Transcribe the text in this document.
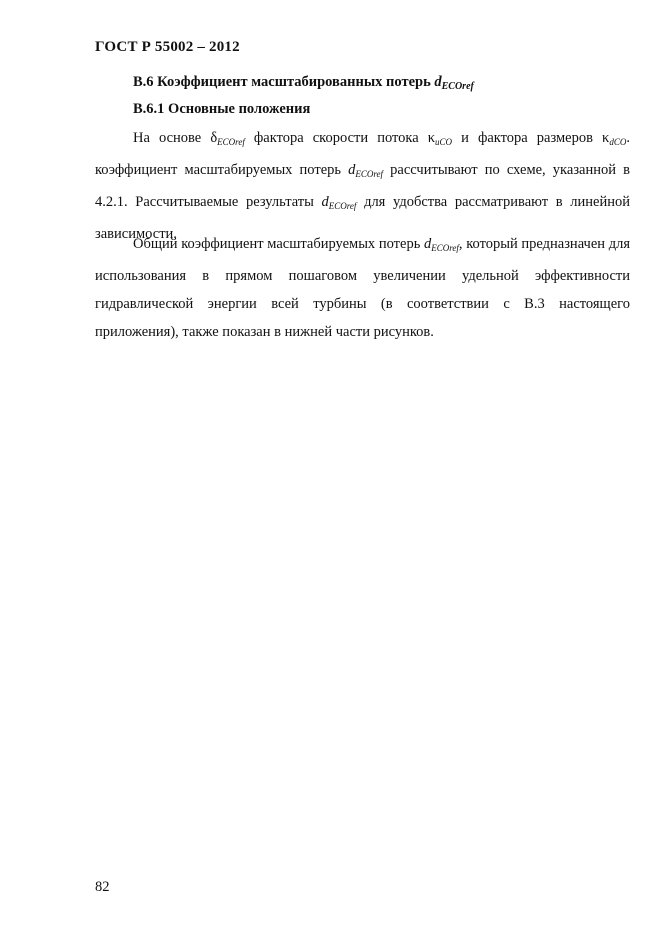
ГОСТ Р 55002 – 2012
B.6 Коэффициент масштабированных потерь $d_{ECOref}$
B.6.1 Основные положения

На основе $\delta_{ECOref}$ фактора скорости потока $\kappa_{uCO}$ и фактора размеров $\kappa_{dCO}$. коэффициент масштабируемых потерь $d_{ECOref}$ рассчитывают по схеме, указанной в 4.2.1. Рассчитываемые результаты $d_{ECOref}$ для удобства рассматривают в линейной зависимости.

Общий коэффициент масштабируемых потерь $d_{ECOref}$, который предназначен для использования в прямом пошаговом увеличении удельной эффективности гидравлической энергии всей турбины (в соответствии с B.3 настоящего приложения), также показан в нижней части рисунков.

82
